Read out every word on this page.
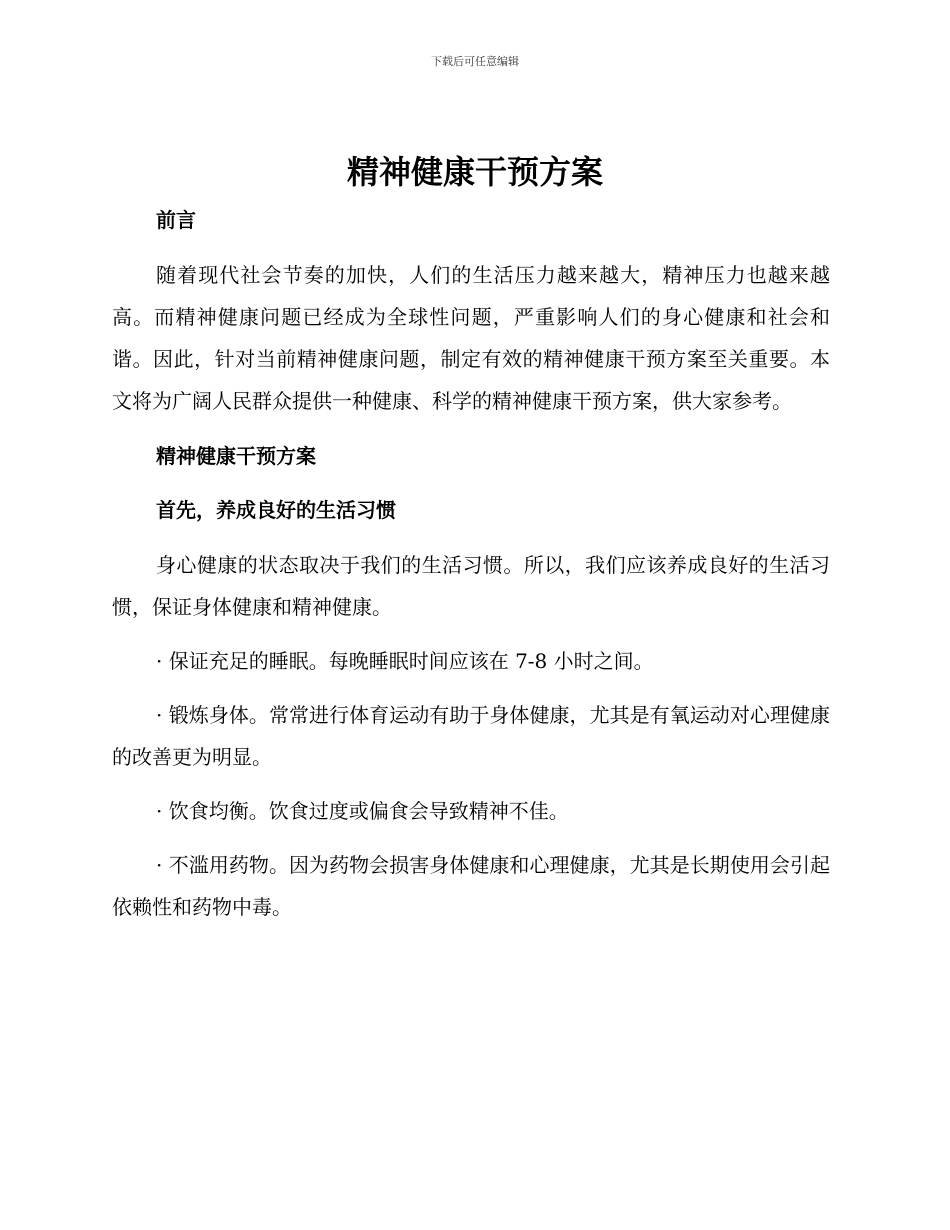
下载后可任意编辑
精神健康干预方案
前言

随着现代社会节奏的加快，人们的生活压力越来越大，精神压力也越来越高。而精神健康问题已经成为全球性问题，严重影响人们的身心健康和社会和谐。因此，针对当前精神健康问题，制定有效的精神健康干预方案至关重要。本文将为广阔人民群众提供一种健康、科学的精神健康干预方案，供大家参考。

精神健康干预方案
首先，养成良好的生活习惯

身心健康的状态取决于我们的生活习惯。所以，我们应该养成良好的生活习惯，保证身体健康和精神健康。

· 保证充足的睡眠。每晚睡眠时间应该在 7-8 小时之间。

· 锻炼身体。常常进行体育运动有助于身体健康，尤其是有氧运动对心理健康的改善更为明显。

· 饮食均衡。饮食过度或偏食会导致精神不佳。

· 不滥用药物。因为药物会损害身体健康和心理健康，尤其是长期使用会引起依赖性和药物中毒。
